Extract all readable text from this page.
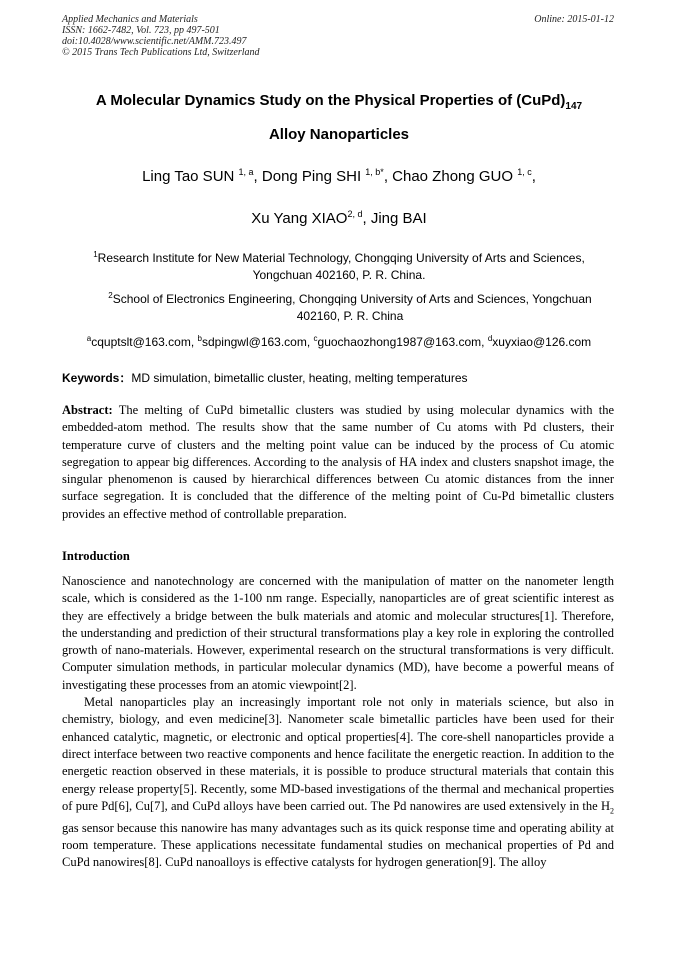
Applied Mechanics and Materials
ISSN: 1662-7482, Vol. 723, pp 497-501
doi:10.4028/www.scientific.net/AMM.723.497
© 2015 Trans Tech Publications Ltd, Switzerland
Online: 2015-01-12
A Molecular Dynamics Study on the Physical Properties of $(CuPd)_{147}$
Alloy Nanoparticles
Ling Tao SUN $^{1, a}$, Dong Ping SHI $^{1, b*}$, Chao Zhong GUO $^{1, c}$,
Xu Yang XIAO$^{2, d}$, Jing BAI
$^1$Research Institute for New Material Technology, Chongqing University of Arts and Sciences,
Yongchuan 402160, P. R. China.
$^2$School of Electronics Engineering, Chongqing University of Arts and Sciences, Yongchuan
402160, P. R. China
$^a$cquptslt@163.com, $^b$sdpingwl@163.com, $^c$guochaozhong1987@163.com, $^d$xuyxiao@126.com
Keywords：MD simulation, bimetallic cluster, heating, melting temperatures

Abstract: The melting of CuPd bimetallic clusters was studied by using molecular dynamics with the embedded-atom method. The results show that the same number of Cu atoms with Pd clusters, their temperature curve of clusters and the melting point value can be induced by the process of Cu atomic segregation to appear big differences. According to the analysis of HA index and clusters snapshot image, the singular phenomenon is caused by hierarchical differences between Cu atomic distances from the inner surface segregation. It is concluded that the difference of the melting point of Cu-Pd bimetallic clusters provides an effective method of controllable preparation.

Introduction

Nanoscience and nanotechnology are concerned with the manipulation of matter on the nanometer length scale, which is considered as the 1-100 nm range. Especially, nanoparticles are of great scientific interest as they are effectively a bridge between the bulk materials and atomic and molecular structures[1]. Therefore, the understanding and prediction of their structural transformations play a key role in exploring the controlled growth of nano-materials. However, experimental research on the structural transformations is very difficult. Computer simulation methods, in particular molecular dynamics (MD), have become a powerful means of investigating these processes from an atomic viewpoint[2].

Metal nanoparticles play an increasingly important role not only in materials science, but also in chemistry, biology, and even medicine[3]. Nanometer scale bimetallic particles have been used for their enhanced catalytic, magnetic, or electronic and optical properties[4]. The core-shell nanoparticles provide a direct interface between two reactive components and hence facilitate the energetic reaction. In addition to the energetic reaction observed in these materials, it is possible to produce structural materials that contain this energy release property[5]. Recently, some MD-based investigations of the thermal and mechanical properties of pure Pd[6], Cu[7], and CuPd alloys have been carried out. The Pd nanowires are used extensively in the $H_2$ gas sensor because this nanowire has many advantages such as its quick response time and operating ability at room temperature. These applications necessitate fundamental studies on mechanical properties of Pd and CuPd nanowires[8]. CuPd nanoalloys is effective catalysts for hydrogen generation[9]. The alloy
